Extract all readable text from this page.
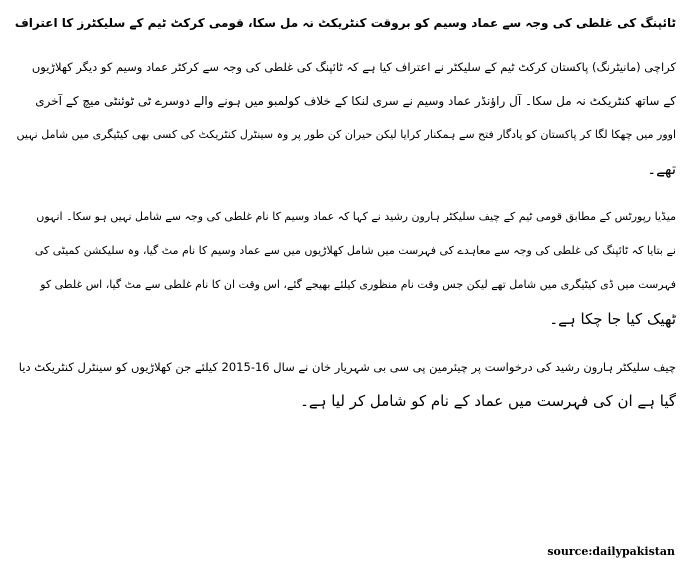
ٹائپنگ کی غلطی کی وجہ سے عماد وسیم کو بروقت کنٹریکٹ نہ مل سکا، قومی کرکٹ ٹیم کے سلیکٹرز کا اعتراف
کراچی (مانیٹرنگ) پاکستان کرکٹ ٹیم کے سلیکٹر نے اعتراف کیا ہے کہ ٹائپنگ کی غلطی کی وجہ سے کرکٹر عماد وسیم کو دیگر کھلاڑیوں
کے ساتھ کنٹریکٹ نہ مل سکا۔ آل راؤنڈر عماد وسیم نے سری لنکا کے خلاف کولمبو میں ہونے والے دوسرے ٹی ٹوئنٹی میچ کے آخری
اوور میں چھکا لگا کر پاکستان کو یادگار فتح سے ہمکنار کرایا لیکن حیران کن طور پر وہ سینٹرل کنٹریکٹ کی کسی بھی کیٹیگری میں شامل نہیں
تھے۔
میڈیا رپورٹس کے مطابق قومی ٹیم کے چیف سلیکٹر ہارون رشید نے کہا کہ عماد وسیم کا نام غلطی کی وجہ سے شامل نہیں ہو سکا۔ انہوں
نے بتایا کہ ٹائپنگ کی غلطی کی وجہ سے معاہدے کی فہرست میں شامل کھلاڑیوں میں سے عماد وسیم کا نام مٹ گیا، وہ سلیکشن کمیٹی کی
فہرست میں ڈی کیٹیگری میں شامل تھے لیکن جس وقت نام منظوری کیلئے بھیجے گئے، اس وقت ان کا نام غلطی سے مٹ گیا، اس غلطی کو
ٹھیک کیا جا چکا ہے۔
چیف سلیکٹر ہارون رشید کی درخواست پر چیئرمین پی سی بی شہریار خان نے سال 16-2015 کیلئے جن کھلاڑیوں کو سینٹرل کنٹریکٹ دیا
گیا ہے ان کی فہرست میں عماد کے نام کو شامل کر لیا ہے۔
source:dailypakistan
